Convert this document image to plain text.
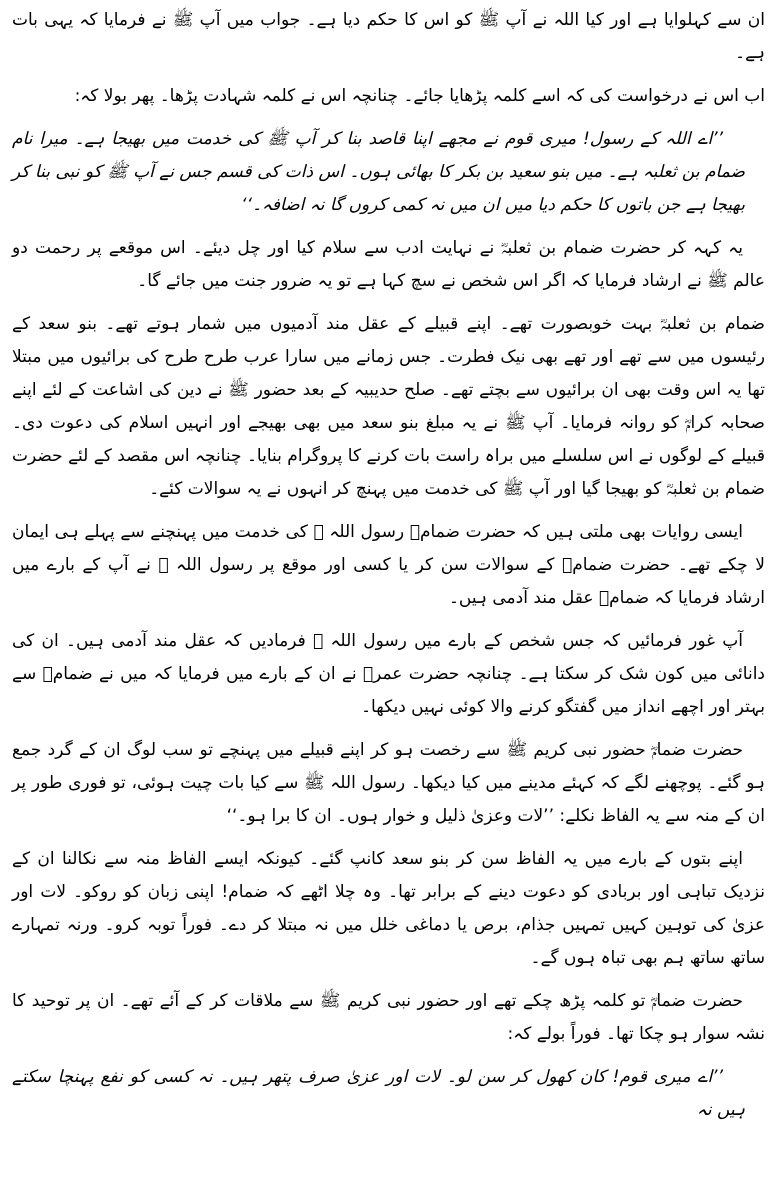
ان سے کہلوایا ہے اور کیا اللہ نے آپ ﷺ کو اس کا حکم دیا ہے۔ جواب میں آپ ﷺ نے فرمایا کہ یہی بات ہے۔

اب اس نے درخواست کی کہ اسے کلمہ پڑھایا جائے۔ چنانچہ اس نے کلمہ شہادت پڑھا۔ پھر بولا کہ:

’’اے اللہ کے رسول! میری قوم نے مجھے اپنا قاصد بنا کر آپ ﷺ کی خدمت میں بھیجا ہے۔ میرا نام ضمام بن ثعلبہ ہے۔ میں بنو سعید بن بکر کا بھائی ہوں۔ اس ذات کی قسم جس نے آپ ﷺ کو نبی بنا کر بھیجا ہے جن باتوں کا حکم دیا میں ان میں نہ کمی کروں گا نہ اضافہ۔‘‘

یہ کہہ کر حضرت ضمام بن ثعلبہؓ نے نہایت ادب سے سلام کیا اور چل دیئے۔ اس موقعے پر رحمت دو عالم ﷺ نے ارشاد فرمایا کہ اگر اس شخص نے سچ کہا ہے تو یہ ضرور جنت میں جائے گا۔

ضمام بن ثعلبہؓ بہت خوبصورت تھے۔ اپنے قبیلے کے عقل مند آدمیوں میں شمار ہوتے تھے۔ بنو سعد کے رئیسوں میں سے تھے اور تھے بھی نیک فطرت۔ جس زمانے میں سارا عرب طرح طرح کی برائیوں میں مبتلا تھا یہ اس وقت بھی ان برائیوں سے بچتے تھے۔ صلح حدیبیہ کے بعد حضور ﷺ نے دین کی اشاعت کے لئے اپنے صحابہ کرامؓ کو روانہ فرمایا۔ آپ ﷺ نے یہ مبلغ بنو سعد میں بھی بھیجے اور انہیں اسلام کی دعوت دی۔ قبیلے کے لوگوں نے اس سلسلے میں براہ راست بات کرنے کا پروگرام بنایا۔ چنانچہ اس مقصد کے لئے حضرت ضمام بن ثعلبہؓ کو بھیجا گیا اور آپ ﷺ کی خدمت میں پہنچ کر انہوں نے یہ سوالات کئے۔

ایسی روایات بھی ملتی ہیں کہ حضرت ضمامؓ رسول اللہ ﷺ کی خدمت میں پہنچنے سے پہلے ہی ایمان لا چکے تھے۔ حضرت ضمامؓ کے سوالات سن کر یا کسی اور موقع پر رسول اللہ ﷺ نے آپ کے بارے میں ارشاد فرمایا کہ ضمامؓ عقل مند آدمی ہیں۔

آپ غور فرمائیں کہ جس شخص کے بارے میں رسول اللہ ﷺ فرمادیں کہ عقل مند آدمی ہیں۔ ان کی دانائی میں کون شک کر سکتا ہے۔ چنانچہ حضرت عمرؓ نے ان کے بارے میں فرمایا کہ میں نے ضمامؓ سے بہتر اور اچھے انداز میں گفتگو کرنے والا کوئی نہیں دیکھا۔

حضرت ضمامؓ حضور نبی کریم ﷺ سے رخصت ہو کر اپنے قبیلے میں پہنچے تو سب لوگ ان کے گرد جمع ہو گئے۔ پوچھنے لگے کہ کہئے مدینے میں کیا دیکھا۔ رسول اللہ ﷺ سے کیا بات چیت ہوئی، تو فوری طور پر ان کے منہ سے یہ الفاظ نکلے: ’’لات وعزیٰ ذلیل و خوار ہوں۔ ان کا برا ہو۔‘‘

اپنے بتوں کے بارے میں یہ الفاظ سن کر بنو سعد کانپ گئے۔ کیونکہ ایسے الفاظ منہ سے نکالنا ان کے نزدیک تباہی اور بربادی کو دعوت دینے کے برابر تھا۔ وہ چلا اٹھے کہ ضمام! اپنی زبان کو روکو۔ لات اور عزیٰ کی توہین کہیں تمہیں جذام، برص یا دماغی خلل میں نہ مبتلا کر دے۔ فوراً توبہ کرو۔ ورنہ تمہارے ساتھ ساتھ ہم بھی تباہ ہوں گے۔

حضرت ضمامؓ تو کلمہ پڑھ چکے تھے اور حضور نبی کریم ﷺ سے ملاقات کر کے آئے تھے۔ ان پر توحید کا نشہ سوار ہو چکا تھا۔ فوراً بولے کہ:

’’اے میری قوم! کان کھول کر سن لو۔ لات اور عزیٰ صرف پتھر ہیں۔ نہ کسی کو نفع پہنچا سکتے ہیں نہ
